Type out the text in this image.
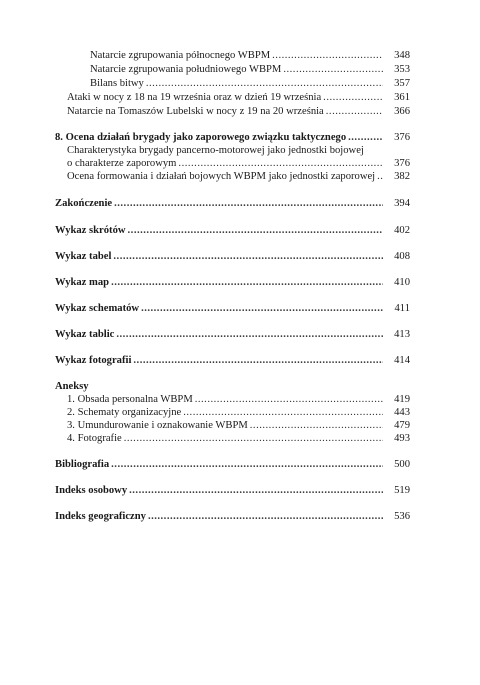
Natarcie zgrupowania północnego WBPM .....	348
Natarcie zgrupowania południowego WBPM .....	353
Bilans bitwy .....	357
Ataki w nocy z 18 na 19 września oraz w dzień 19 września .....	361
Natarcie na Tomaszów Lubelski w nocy z 19 na 20 września .....	366
8. Ocena działań brygady jako zaporowego związku taktycznego .....	376
Charakterystyka brygady pancerno-motorowej jako jednostki bojowej
o charakterze zaporowym .....	376
Ocena formowania i działań bojowych WBPM jako jednostki zaporowej .....	382
Zakończenie .....	394
Wykaz skrótów .....	402
Wykaz tabel .....	408
Wykaz map .....	410
Wykaz schematów .....	411
Wykaz tablic .....	413
Wykaz fotografii .....	414
Aneksy
1. Obsada personalna WBPM .....	419
2. Schematy organizacyjne .....	443
3. Umundurowanie i oznakowanie WBPM .....	479
4. Fotografie .....	493
Bibliografia .....	500
Indeks osobowy .....	519
Indeks geograficzny .....	536
